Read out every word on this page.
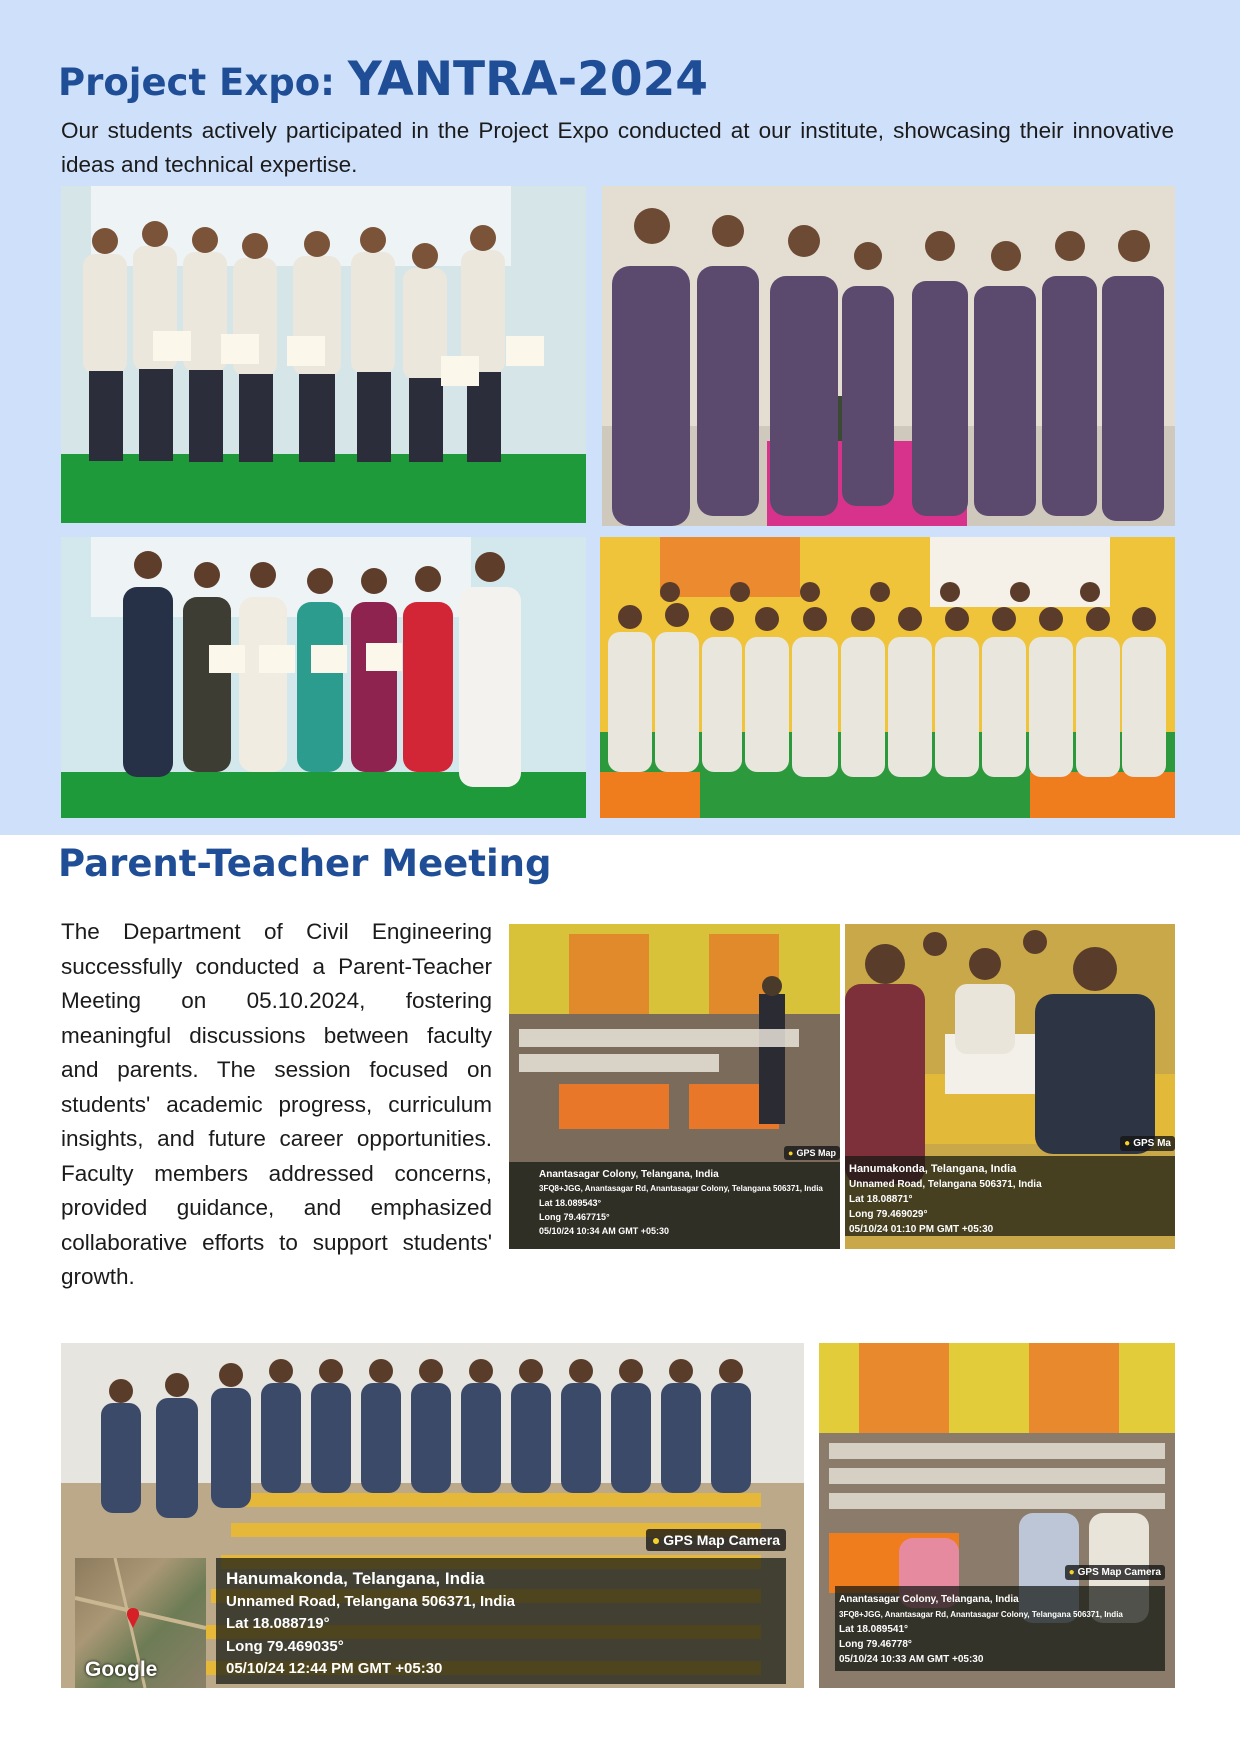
Project Expo: YANTRA-2024

Our students actively participated in the Project Expo conducted at our institute, showcasing their innovative ideas and technical expertise.

Parent-Teacher Meeting

The Department of Civil Engineering successfully conducted a Parent-Teacher Meeting on 05.10.2024, fostering meaningful discussions between faculty and parents. The session focused on students' academic progress, curriculum insights, and future career opportunities. Faculty members addressed concerns, provided guidance, and emphasized collaborative efforts to support students' growth.

● GPS Map
Anantasagar Colony, Telangana, India
3FQ8+JGG, Anantasagar Rd, Anantasagar Colony, Telangana 506371, India
Lat 18.089543°
Long 79.467715°
05/10/24 10:34 AM GMT +05:30
● GPS Ma
Hanumakonda, Telangana, India
Unnamed Road, Telangana 506371, India
Lat 18.08871°
Long 79.469029°
05/10/24 01:10 PM GMT +05:30
Google
● GPS Map Camera
Hanumakonda, Telangana, India
Unnamed Road, Telangana 506371, India
Lat 18.088719°
Long 79.469035°
05/10/24 12:44 PM GMT +05:30
● GPS Map Camera
Anantasagar Colony, Telangana, India
3FQ8+JGG, Anantasagar Rd, Anantasagar Colony, Telangana 506371, India
Lat 18.089541°
Long 79.46778°
05/10/24 10:33 AM GMT +05:30
